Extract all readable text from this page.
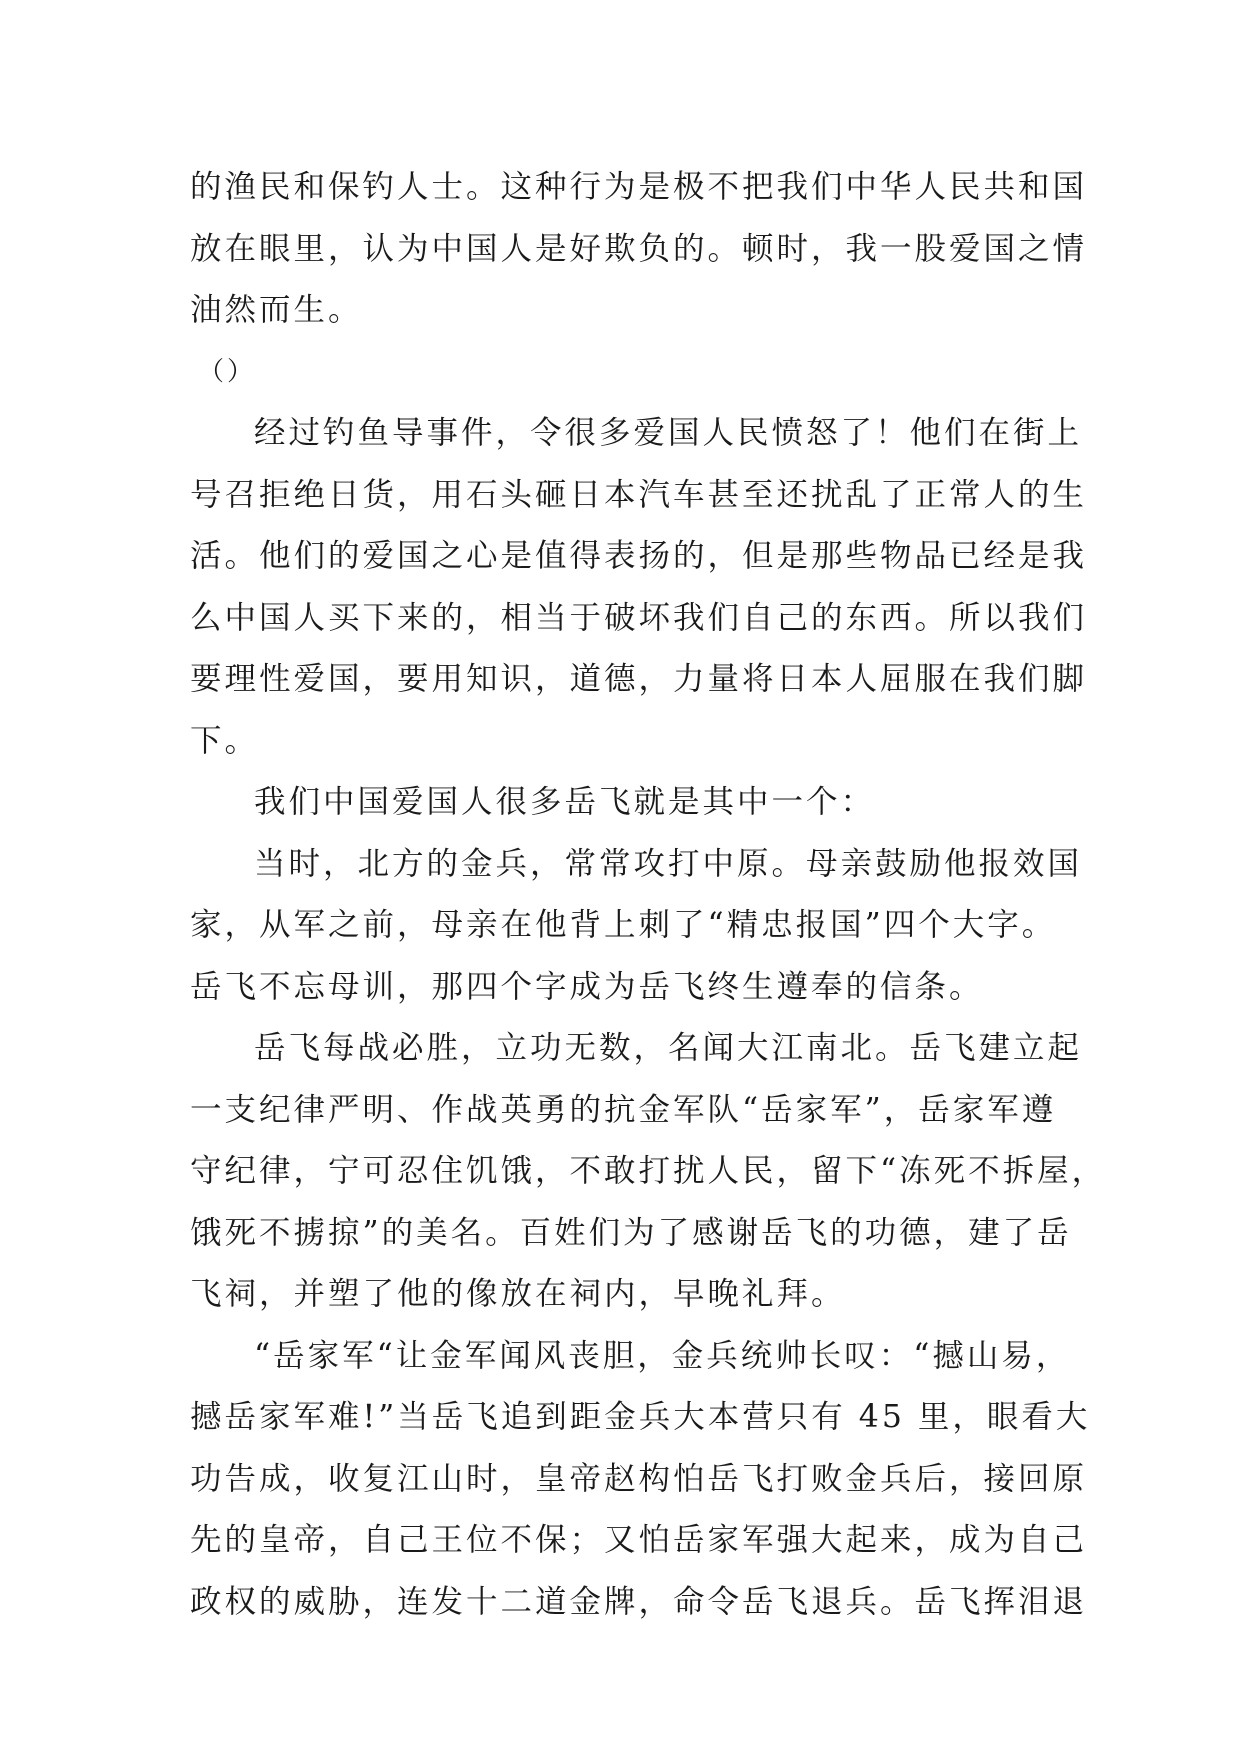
的渔民和保钓人士。这种行为是极不把我们中华人民共和国
放在眼里，认为中国人是好欺负的。顿时，我一股爱国之情
油然而生。
（）
经过钓鱼导事件，令很多爱国人民愤怒了！他们在街上
号召拒绝日货，用石头砸日本汽车甚至还扰乱了正常人的生
活。他们的爱国之心是值得表扬的，但是那些物品已经是我
么中国人买下来的，相当于破坏我们自己的东西。所以我们
要理性爱国，要用知识，道德，力量将日本人屈服在我们脚
下。
我们中国爱国人很多岳飞就是其中一个：
当时，北方的金兵，常常攻打中原。母亲鼓励他报效国
家，从军之前，母亲在他背上刺了“精忠报国”四个大字。
岳飞不忘母训，那四个字成为岳飞终生遵奉的信条。
岳飞每战必胜，立功无数，名闻大江南北。岳飞建立起
一支纪律严明、作战英勇的抗金军队“岳家军”，岳家军遵
守纪律，宁可忍住饥饿，不敢打扰人民，留下“冻死不拆屋，
饿死不掳掠”的美名。百姓们为了感谢岳飞的功德，建了岳
飞祠，并塑了他的像放在祠内，早晚礼拜。
“岳家军“让金军闻风丧胆，金兵统帅长叹：“撼山易，
撼岳家军难!”当岳飞追到距金兵大本营只有 45 里，眼看大
功告成，收复江山时，皇帝赵构怕岳飞打败金兵后，接回原
先的皇帝，自己王位不保；又怕岳家军强大起来，成为自己
政权的威胁，连发十二道金牌，命令岳飞退兵。岳飞挥泪退
